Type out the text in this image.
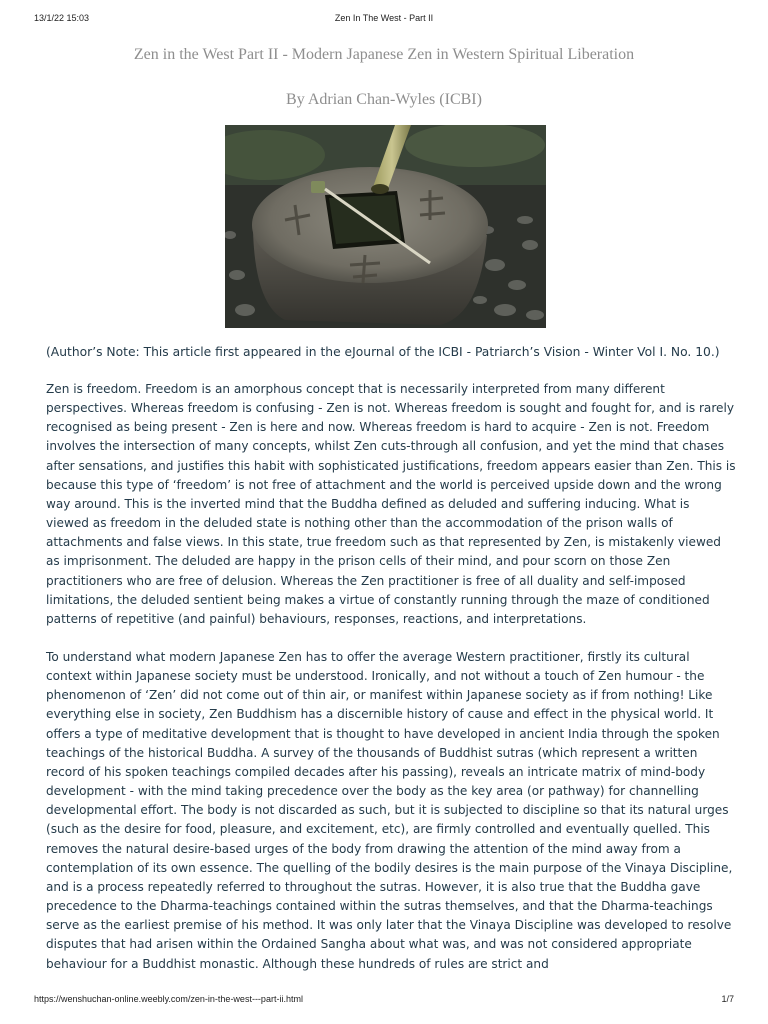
13/1/22 15:03	Zen In The West - Part II
Zen in the West Part II - Modern Japanese Zen in Western Spiritual Liberation

By Adrian Chan-Wyles (ICBI)

(Author’s Note: This article first appeared in the eJournal of the ICBI - Patriarch’s Vision - Winter Vol I. No. 10.)

Zen is freedom. Freedom is an amorphous concept that is necessarily interpreted from many different perspectives. Whereas freedom is confusing - Zen is not. Whereas freedom is sought and fought for, and is rarely recognised as being present - Zen is here and now. Whereas freedom is hard to acquire - Zen is not. Freedom involves the intersection of many concepts, whilst Zen cuts-through all confusion, and yet the mind that chases after sensations, and justifies this habit with sophisticated justifications, freedom appears easier than Zen. This is because this type of ‘freedom’ is not free of attachment and the world is perceived upside down and the wrong way around. This is the inverted mind that the Buddha defined as deluded and suffering inducing. What is viewed as freedom in the deluded state is nothing other than the accommodation of the prison walls of attachments and false views. In this state, true freedom such as that represented by Zen, is mistakenly viewed as imprisonment. The deluded are happy in the prison cells of their mind, and pour scorn on those Zen practitioners who are free of delusion. Whereas the Zen practitioner is free of all duality and self-imposed limitations, the deluded sentient being makes a virtue of constantly running through the maze of conditioned patterns of repetitive (and painful) behaviours, responses, reactions, and interpretations.

To understand what modern Japanese Zen has to offer the average Western practitioner, firstly its cultural context within Japanese society must be understood. Ironically, and not without a touch of Zen humour - the phenomenon of ‘Zen’ did not come out of thin air, or manifest within Japanese society as if from nothing! Like everything else in society, Zen Buddhism has a discernible history of cause and effect in the physical world. It offers a type of meditative development that is thought to have developed in ancient India through the spoken teachings of the historical Buddha. A survey of the thousands of Buddhist sutras (which represent a written record of his spoken teachings compiled decades after his passing), reveals an intricate matrix of mind-body development - with the mind taking precedence over the body as the key area (or pathway) for channelling developmental effort. The body is not discarded as such, but it is subjected to discipline so that its natural urges (such as the desire for food, pleasure, and excitement, etc), are firmly controlled and eventually quelled. This removes the natural desire-based urges of the body from drawing the attention of the mind away from a contemplation of its own essence. The quelling of the bodily desires is the main purpose of the Vinaya Discipline, and is a process repeatedly referred to throughout the sutras. However, it is also true that the Buddha gave precedence to the Dharma-teachings contained within the sutras themselves, and that the Dharma-teachings serve as the earliest premise of his method. It was only later that the Vinaya Discipline was developed to resolve disputes that had arisen within the Ordained Sangha about what was, and was not considered appropriate behaviour for a Buddhist monastic. Although these hundreds of rules are strict and

https://wenshuchan-online.weebly.com/zen-in-the-west---part-ii.html	1/7
